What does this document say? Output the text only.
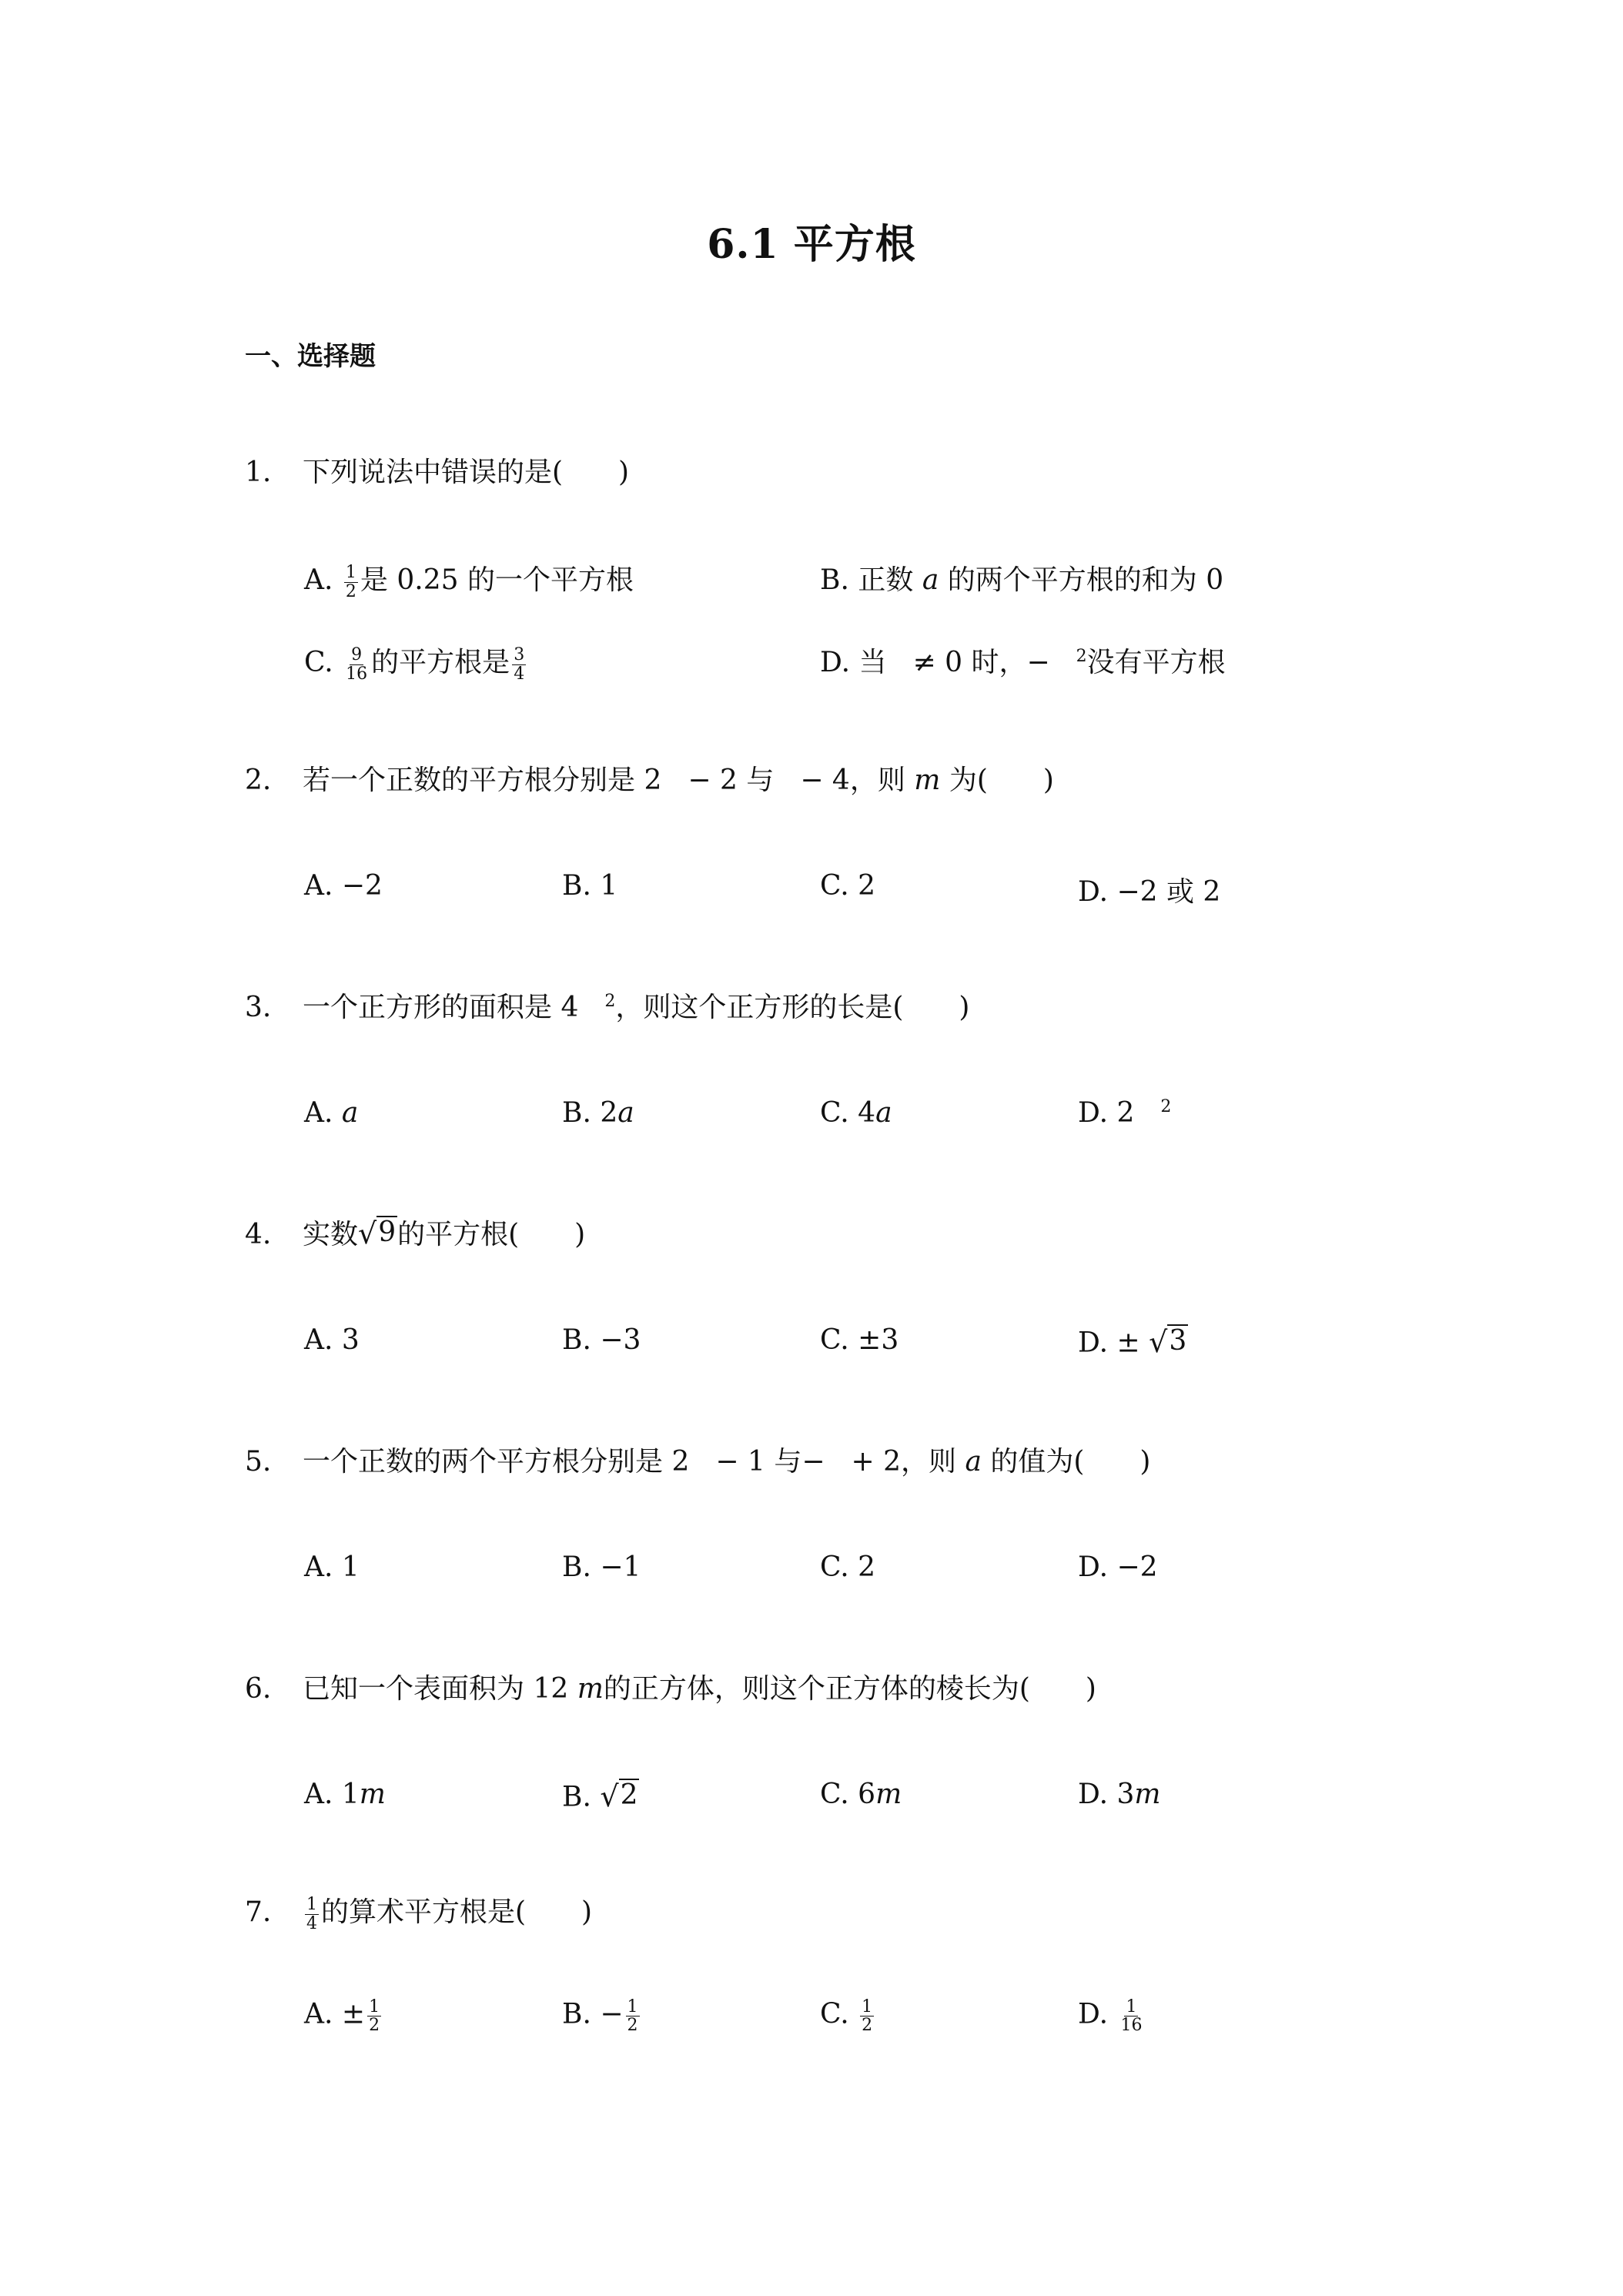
6.1 平方根
一、选择题
1. 下列说法中错误的是(　　)
A. $\frac{1}{2}$ 是 0.25 的一个平方根	B. 正数 a 的两个平方根的和为 0
C. $\frac{9}{16}$ 的平方根是 $\frac{3}{4}$	D. 当 ≠ 0 时，− $^2$没有平方根
2. 若一个正数的平方根分别是 2 − 2 与 − 4，则 m 为(　　)
A. −2	B. 1	C. 2	D. −2 或 2
3. 一个正方形的面积是 4 $^2$，则这个正方形的长是(　　)
A. a	B. 2a	C. 4a	D. 2 $^2$
4. 实数 √ 9 的平方根(　　)
A. 3	B. −3	C. ±3	D. ± √ 3
5. 一个正数的两个平方根分别是 2 − 1 与− + 2，则 a 的值为(　　)
A. 1	B. −1	C. 2	D. −2
6. 已知一个表面积为 12 m的正方体，则这个正方体的棱长为(　　)
A. 1m	B. √ 2	C. 6m	D. 3m
7. $\frac{1}{4}$ 的算术平方根是(　　)
A. ± $\frac{1}{2}$	B. − $\frac{1}{2}$	C. $\frac{1}{2}$	D. $\frac{1}{16}$
